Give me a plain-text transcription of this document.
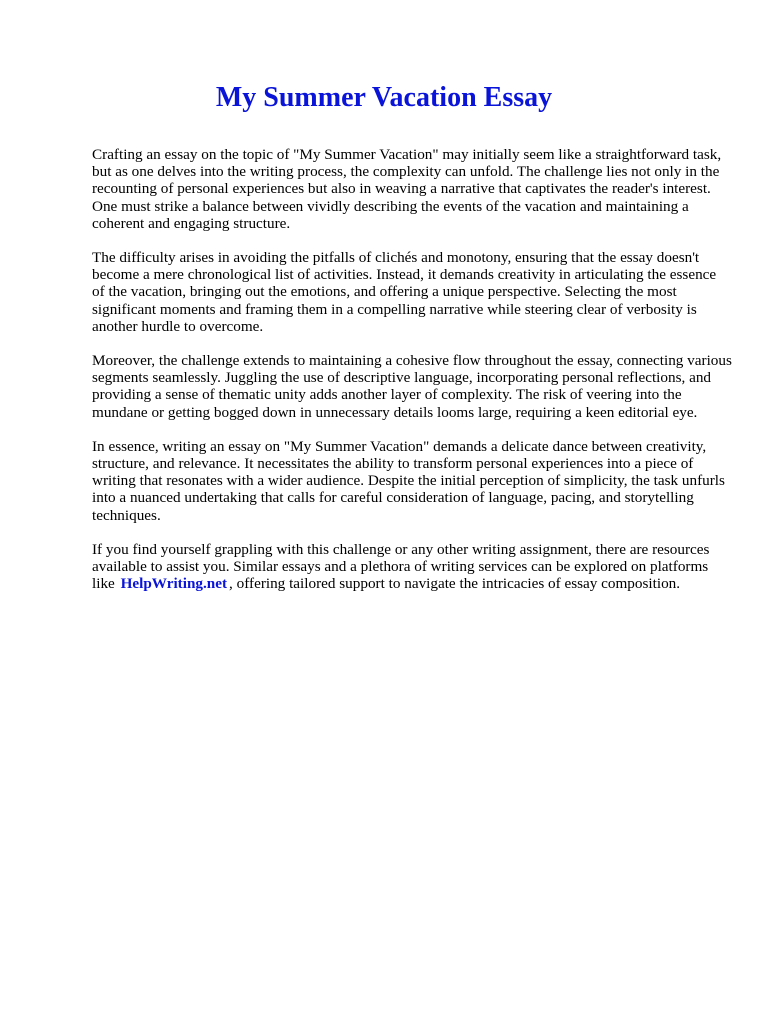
My Summer Vacation Essay

Crafting an essay on the topic of "My Summer Vacation" may initially seem like a straightforward task, but as one delves into the writing process, the complexity can unfold. The challenge lies not only in the recounting of personal experiences but also in weaving a narrative that captivates the reader's interest. One must strike a balance between vividly describing the events of the vacation and maintaining a coherent and engaging structure.

The difficulty arises in avoiding the pitfalls of clichés and monotony, ensuring that the essay doesn't become a mere chronological list of activities. Instead, it demands creativity in articulating the essence of the vacation, bringing out the emotions, and offering a unique perspective. Selecting the most significant moments and framing them in a compelling narrative while steering clear of verbosity is another hurdle to overcome.

Moreover, the challenge extends to maintaining a cohesive flow throughout the essay, connecting various segments seamlessly. Juggling the use of descriptive language, incorporating personal reflections, and providing a sense of thematic unity adds another layer of complexity. The risk of veering into the mundane or getting bogged down in unnecessary details looms large, requiring a keen editorial eye.

In essence, writing an essay on "My Summer Vacation" demands a delicate dance between creativity, structure, and relevance. It necessitates the ability to transform personal experiences into a piece of writing that resonates with a wider audience. Despite the initial perception of simplicity, the task unfurls into a nuanced undertaking that calls for careful consideration of language, pacing, and storytelling techniques.

If you find yourself grappling with this challenge or any other writing assignment, there are resources available to assist you. Similar essays and a plethora of writing services can be explored on platforms like HelpWriting.net , offering tailored support to navigate the intricacies of essay composition.
